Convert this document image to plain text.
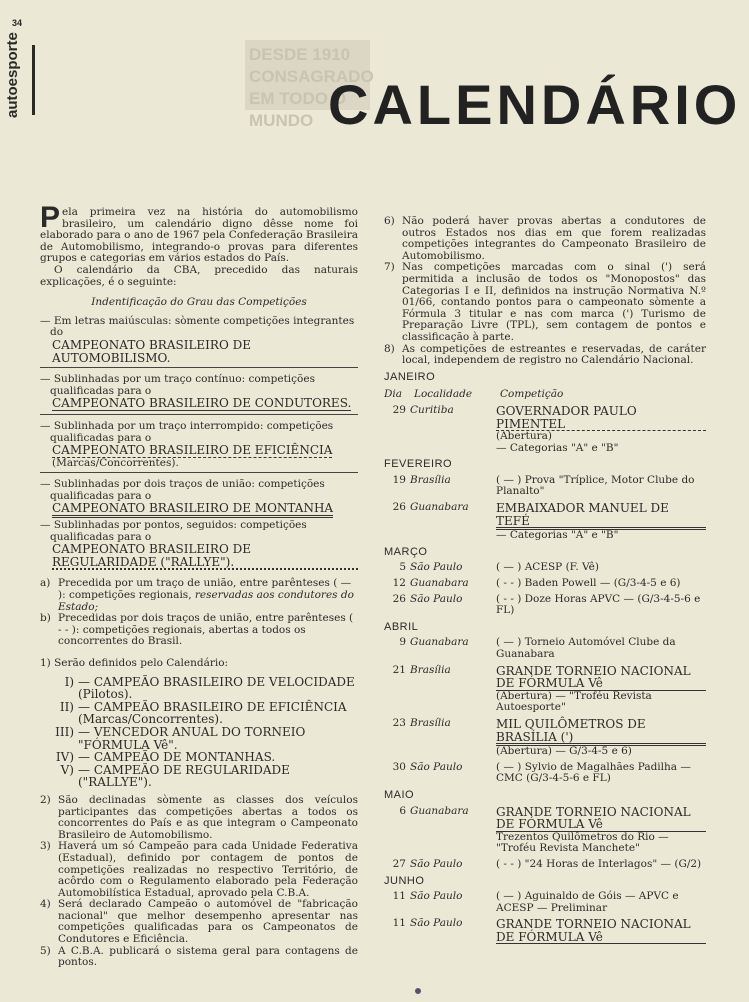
34
autoesporte	DESDE 1910 CONSAGRADO EM TODO O MUNDO CALENDÁRIO

Pela primeira vez na história do automobilismo brasileiro, um calendário digno dêsse nome foi elaborado para o ano de 1967 pela Confederação Brasileira de Automobilismo, integrando-o provas para diferentes grupos e categorias em vários estados do País.

O calendário da CBA, precedido das naturais explicações, é o seguinte:

Indentificação do Grau das Competições

— Em letras maiúsculas: sòmente competições integrantes do

CAMPEONATO BRASILEIRO DE AUTOMOBILISMO.

— Sublinhadas por um traço contínuo: competições qualificadas para o

CAMPEONATO BRASILEIRO DE CONDUTORES.

— Sublinhada por um traço interrompido: competições qualificadas para o

CAMPEONATO BRASILEIRO DE EFICIÊNCIA

(Marcas/Concorrentes).

— Sublinhadas por dois traços de união: competições qualificadas para o

CAMPEONATO BRASILEIRO DE MONTANHA

— Sublinhadas por pontos, seguidos: competições qualificadas para o

CAMPEONATO BRASILEIRO DE REGULARIDADE ("RALLYE").

a) Precedida por um traço de união, entre parênteses ( — ): competições regionais, reservadas aos condutores do Estado;
b) Precedidas por dois traços de união, entre parênteses ( - - ): competições regionais, abertas a todos os concorrentes do Brasil.

1) Serão definidos pelo Calendário:

I) — CAMPEÃO BRASILEIRO DE VELOCIDADE (Pilotos).
II) — CAMPEÃO BRASILEIRO DE EFICIÊNCIA (Marcas/Concorrentes).
III) — VENCEDOR ANUAL DO TORNEIO "FÓRMULA Vê".
IV) — CAMPEÃO DE MONTANHAS.
V) — CAMPEÃO DE REGULARIDADE ("RALLYE").
2) São declinadas sòmente as classes dos veículos participantes das competições abertas a todos os concorrentes do País e as que integram o Campeonato Brasileiro de Automobilismo.
3) Haverá um só Campeão para cada Unidade Federativa (Estadual), definido por contagem de pontos de competições realizadas no respectivo Território, de acôrdo com o Regulamento elaborado pela Federação Automobilística Estadual, aprovado pela C.B.A.
4) Será declarado Campeão o automóvel de "fabricação nacional" que melhor desempenho apresentar nas competições qualificadas para os Campeonatos de Condutores e Eficiência.
5) A C.B.A. publicará o sistema geral para contagens de pontos.
6) Não poderá haver provas abertas a condutores de outros Estados nos dias em que forem realizadas competições integrantes do Campeonato Brasileiro de Automobilismo.
7) Nas competições marcadas com o sinal (') será permitida a inclusão de todos os "Monopostos" das Categorias I e II, definidos na instrução Normativa N.º 01/66, contando pontos para o campeonato sòmente a Fórmula 3 titular e nas com marca (') Turismo de Preparação Livre (TPL), sem contagem de pontos e classificação à parte.
8) As competições de estreantes e reservadas, de caráter local, independem de registro no Calendário Nacional.
JANEIRO
Dia	Localidade	Competição
29 Curitiba	GOVERNADOR PAULO PIMENTEL
(Abertura)
— Categorias "A" e "B"
FEVEREIRO
19 Brasília	( — ) Prova "Tríplice, Motor Clube do Planalto"
26 Guanabara	EMBAIXADOR MANUEL DE TEFÉ
— Categorias "A" e "B"
MARÇO
5 São Paulo	( — ) ACESP (F. Vê)
12 Guanabara	( - - ) Baden Powell — (G/3-4-5 e 6)
26 São Paulo	( - - ) Doze Horas APVC — (G/3-4-5-6 e FL)
ABRIL
9 Guanabara	( — ) Torneio Automóvel Clube da Guanabara
21 Brasília	GRANDE TORNEIO NACIONAL DE FÓRMULA Vê
(Abertura) — "Troféu Revista Autoesporte"
23 Brasília	MIL QUILÔMETROS DE BRASÍLIA (')
(Abertura) — G/3-4-5 e 6)
30 São Paulo	( — ) Sylvio de Magalhães Padilha — CMC (G/3-4-5-6 e FL)
MAIO
6 Guanabara	GRANDE TORNEIO NACIONAL DE FÓRMULA Vê
Trezentos Quilômetros do Rio — "Troféu Revista Manchete"
27 São Paulo	( - - ) "24 Horas de Interlagos" — (G/2)
JUNHO
11 São Paulo	( — ) Aguinaldo de Góis — APVC e ACESP — Preliminar
11 São Paulo	GRANDE TORNEIO NACIONAL DE FÓRMULA Vê
